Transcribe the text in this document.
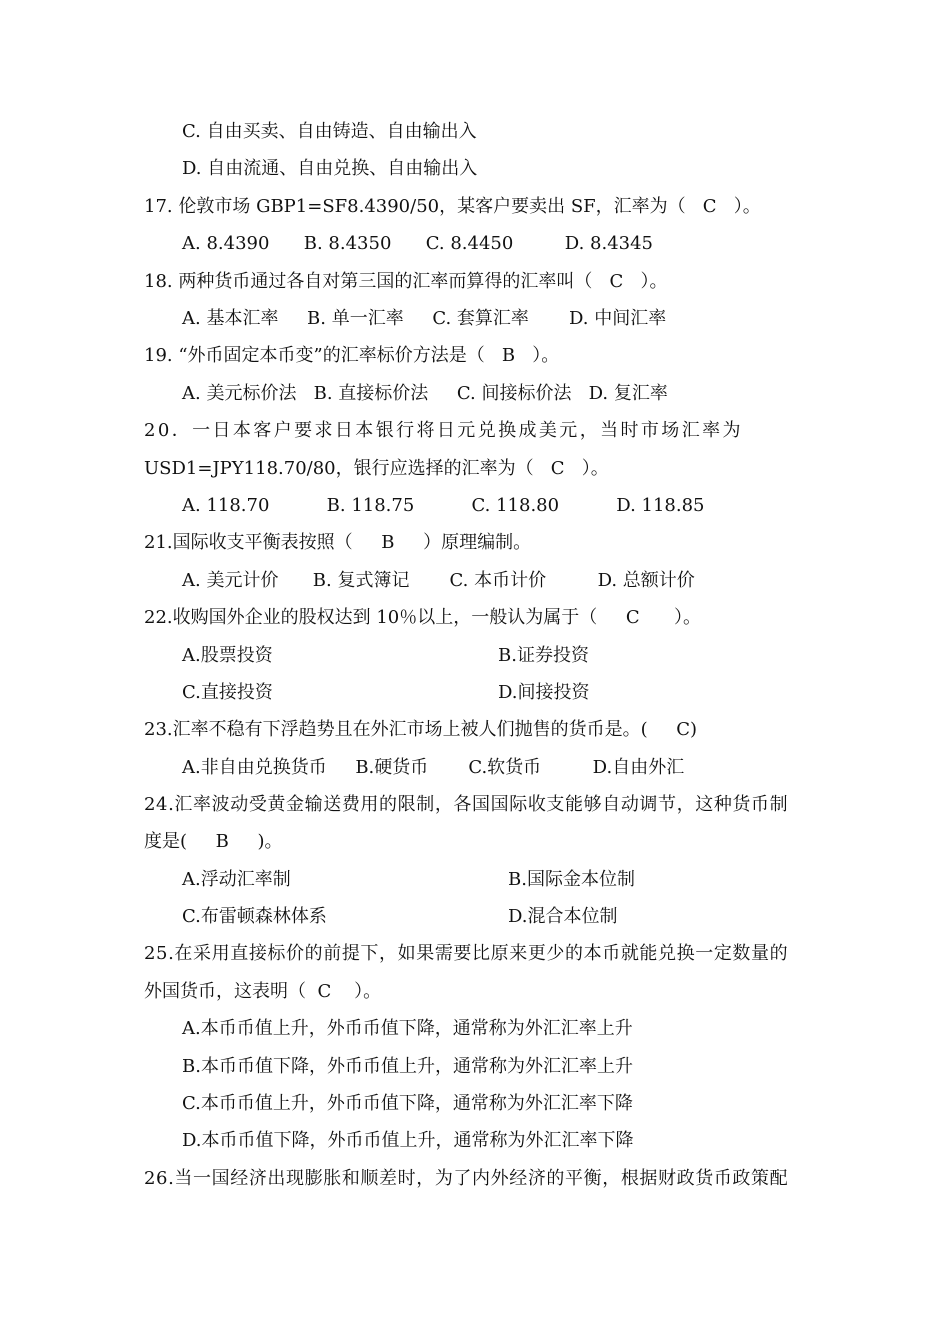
C. 自由买卖、自由铸造、自由输出入
D. 自由流通、自由兑换、自由输出入
17. 伦敦市场 GBP1=SF8.4390/50，某客户要卖出 SF，汇率为（   C   ）。
A. 8.4390      B. 8.4350      C. 8.4450         D. 8.4345
18. 两种货币通过各自对第三国的汇率而算得的汇率叫（   C   ）。
A. 基本汇率     B. 单一汇率     C. 套算汇率       D. 中间汇率
19. “外币固定本币变”的汇率标价方法是（   B   ）。
A. 美元标价法   B. 直接标价法     C. 间接标价法   D. 复汇率
20．一日本客户要求日本银行将日元兑换成美元，当时市场汇率为
USD1=JPY118.70/80，银行应选择的汇率为（   C   ）。
A. 118.70          B. 118.75          C. 118.80          D. 118.85
21.国际收支平衡表按照（     B     ）原理编制。
A. 美元计价      B. 复式簿记       C. 本币计价         D. 总额计价
22.收购国外企业的股权达到 10％以上，一般认为属于（     C      ）。
A.股票投资	B.证券投资
C.直接投资	D.间接投资
23.汇率不稳有下浮趋势且在外汇市场上被人们抛售的货币是。(     C)
A.非自由兑换货币     B.硬货币       C.软货币         D.自由外汇
24.汇率波动受黄金输送费用的限制，各国国际收支能够自动调节，这种货币制
度是(     B     )。
A.浮动汇率制	B.国际金本位制
C.布雷顿森林体系	D.混合本位制
25.在采用直接标价的前提下，如果需要比原来更少的本币就能兑换一定数量的
外国货币，这表明（  C    ）。
A.本币币值上升，外币币值下降，通常称为外汇汇率上升
B.本币币值下降，外币币值上升，通常称为外汇汇率上升
C.本币币值上升，外币币值下降，通常称为外汇汇率下降
D.本币币值下降，外币币值上升，通常称为外汇汇率下降
26.当一国经济出现膨胀和顺差时，为了内外经济的平衡，根据财政货币政策配
